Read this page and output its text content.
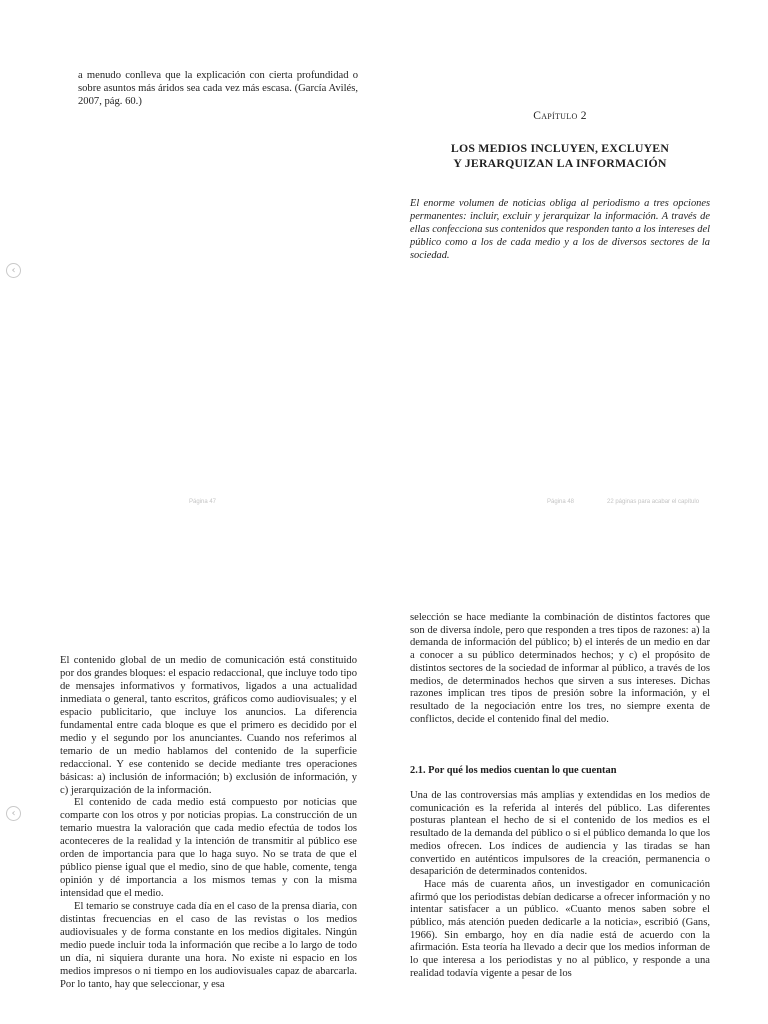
a menudo conlleva que la explicación con cierta profundidad o sobre asuntos más áridos sea cada vez más escasa. (García Avilés, 2007, pág. 60.)

Capítulo 2

LOS MEDIOS INCLUYEN, EXCLUYEN

Y JERARQUIZAN LA INFORMACIÓN

El enorme volumen de noticias obliga al periodismo a tres opciones permanentes: incluir, excluir y jerarquizar la información. A través de ellas confecciona sus contenidos que responden tanto a los intereses del público como a los de cada medio y a los de diversos sectores de la sociedad.

‹

Página 47	Página 48	22 páginas para acabar el capítulo

El contenido global de un medio de comunicación está constituido por dos grandes bloques: el espacio redaccional, que incluye todo tipo de mensajes informativos y formativos, ligados a una actualidad inmediata o general, tanto escritos, gráficos como audiovisuales; y el espacio publicitario, que incluye los anuncios. La diferencia fundamental entre cada bloque es que el primero es decidido por el medio y el segundo por los anunciantes. Cuando nos referimos al temario de un medio hablamos del contenido de la superficie redaccional. Y ese contenido se decide mediante tres operaciones básicas: a) inclusión de información; b) exclusión de información, y c) jerarquización de la información.

El contenido de cada medio está compuesto por noticias que comparte con los otros y por noticias propias. La construcción de un temario muestra la valoración que cada medio efectúa de todos los aconteceres de la realidad y la intención de transmitir al público ese orden de importancia para que lo haga suyo. No se trata de que el público piense igual que el medio, sino de que hable, comente, tenga opinión y dé importancia a los mismos temas y con la misma intensidad que el medio.

El temario se construye cada día en el caso de la prensa diaria, con distintas frecuencias en el caso de las revistas o los medios audiovisuales y de forma constante en los medios digitales. Ningún medio puede incluir toda la información que recibe a lo largo de todo un día, ni siquiera durante una hora. No existe ni espacio en los medios impresos o ni tiempo en los audiovisuales capaz de abarcarla. Por lo tanto, hay que seleccionar, y esa

‹

selección se hace mediante la combinación de distintos factores que son de diversa índole, pero que responden a tres tipos de razones: a) la demanda de información del público; b) el interés de un medio en dar a conocer a su público determinados hechos; y c) el propósito de distintos sectores de la sociedad de informar al público, a través de los medios, de determinados hechos que sirven a sus intereses. Dichas razones implican tres tipos de presión sobre la información, y el resultado de la negociación entre los tres, no siempre exenta de conflictos, decide el contenido final del medio.

2.1. Por qué los medios cuentan lo que cuentan

Una de las controversias más amplias y extendidas en los medios de comunicación es la referida al interés del público. Las diferentes posturas plantean el hecho de si el contenido de los medios es el resultado de la demanda del público o si el público demanda lo que los medios ofrecen. Los índices de audiencia y las tiradas se han convertido en auténticos impulsores de la creación, permanencia o desaparición de determinados contenidos.

Hace más de cuarenta años, un investigador en comunicación afirmó que los periodistas debían dedicarse a ofrecer información y no intentar satisfacer a un público. «Cuanto menos saben sobre el público, más atención pueden dedicarle a la noticia», escribió (Gans, 1966). Sin embargo, hoy en día nadie está de acuerdo con la afirmación. Esta teoría ha llevado a decir que los medios informan de lo que interesa a los periodistas y no al público, y responde a una realidad todavía vigente a pesar de los
